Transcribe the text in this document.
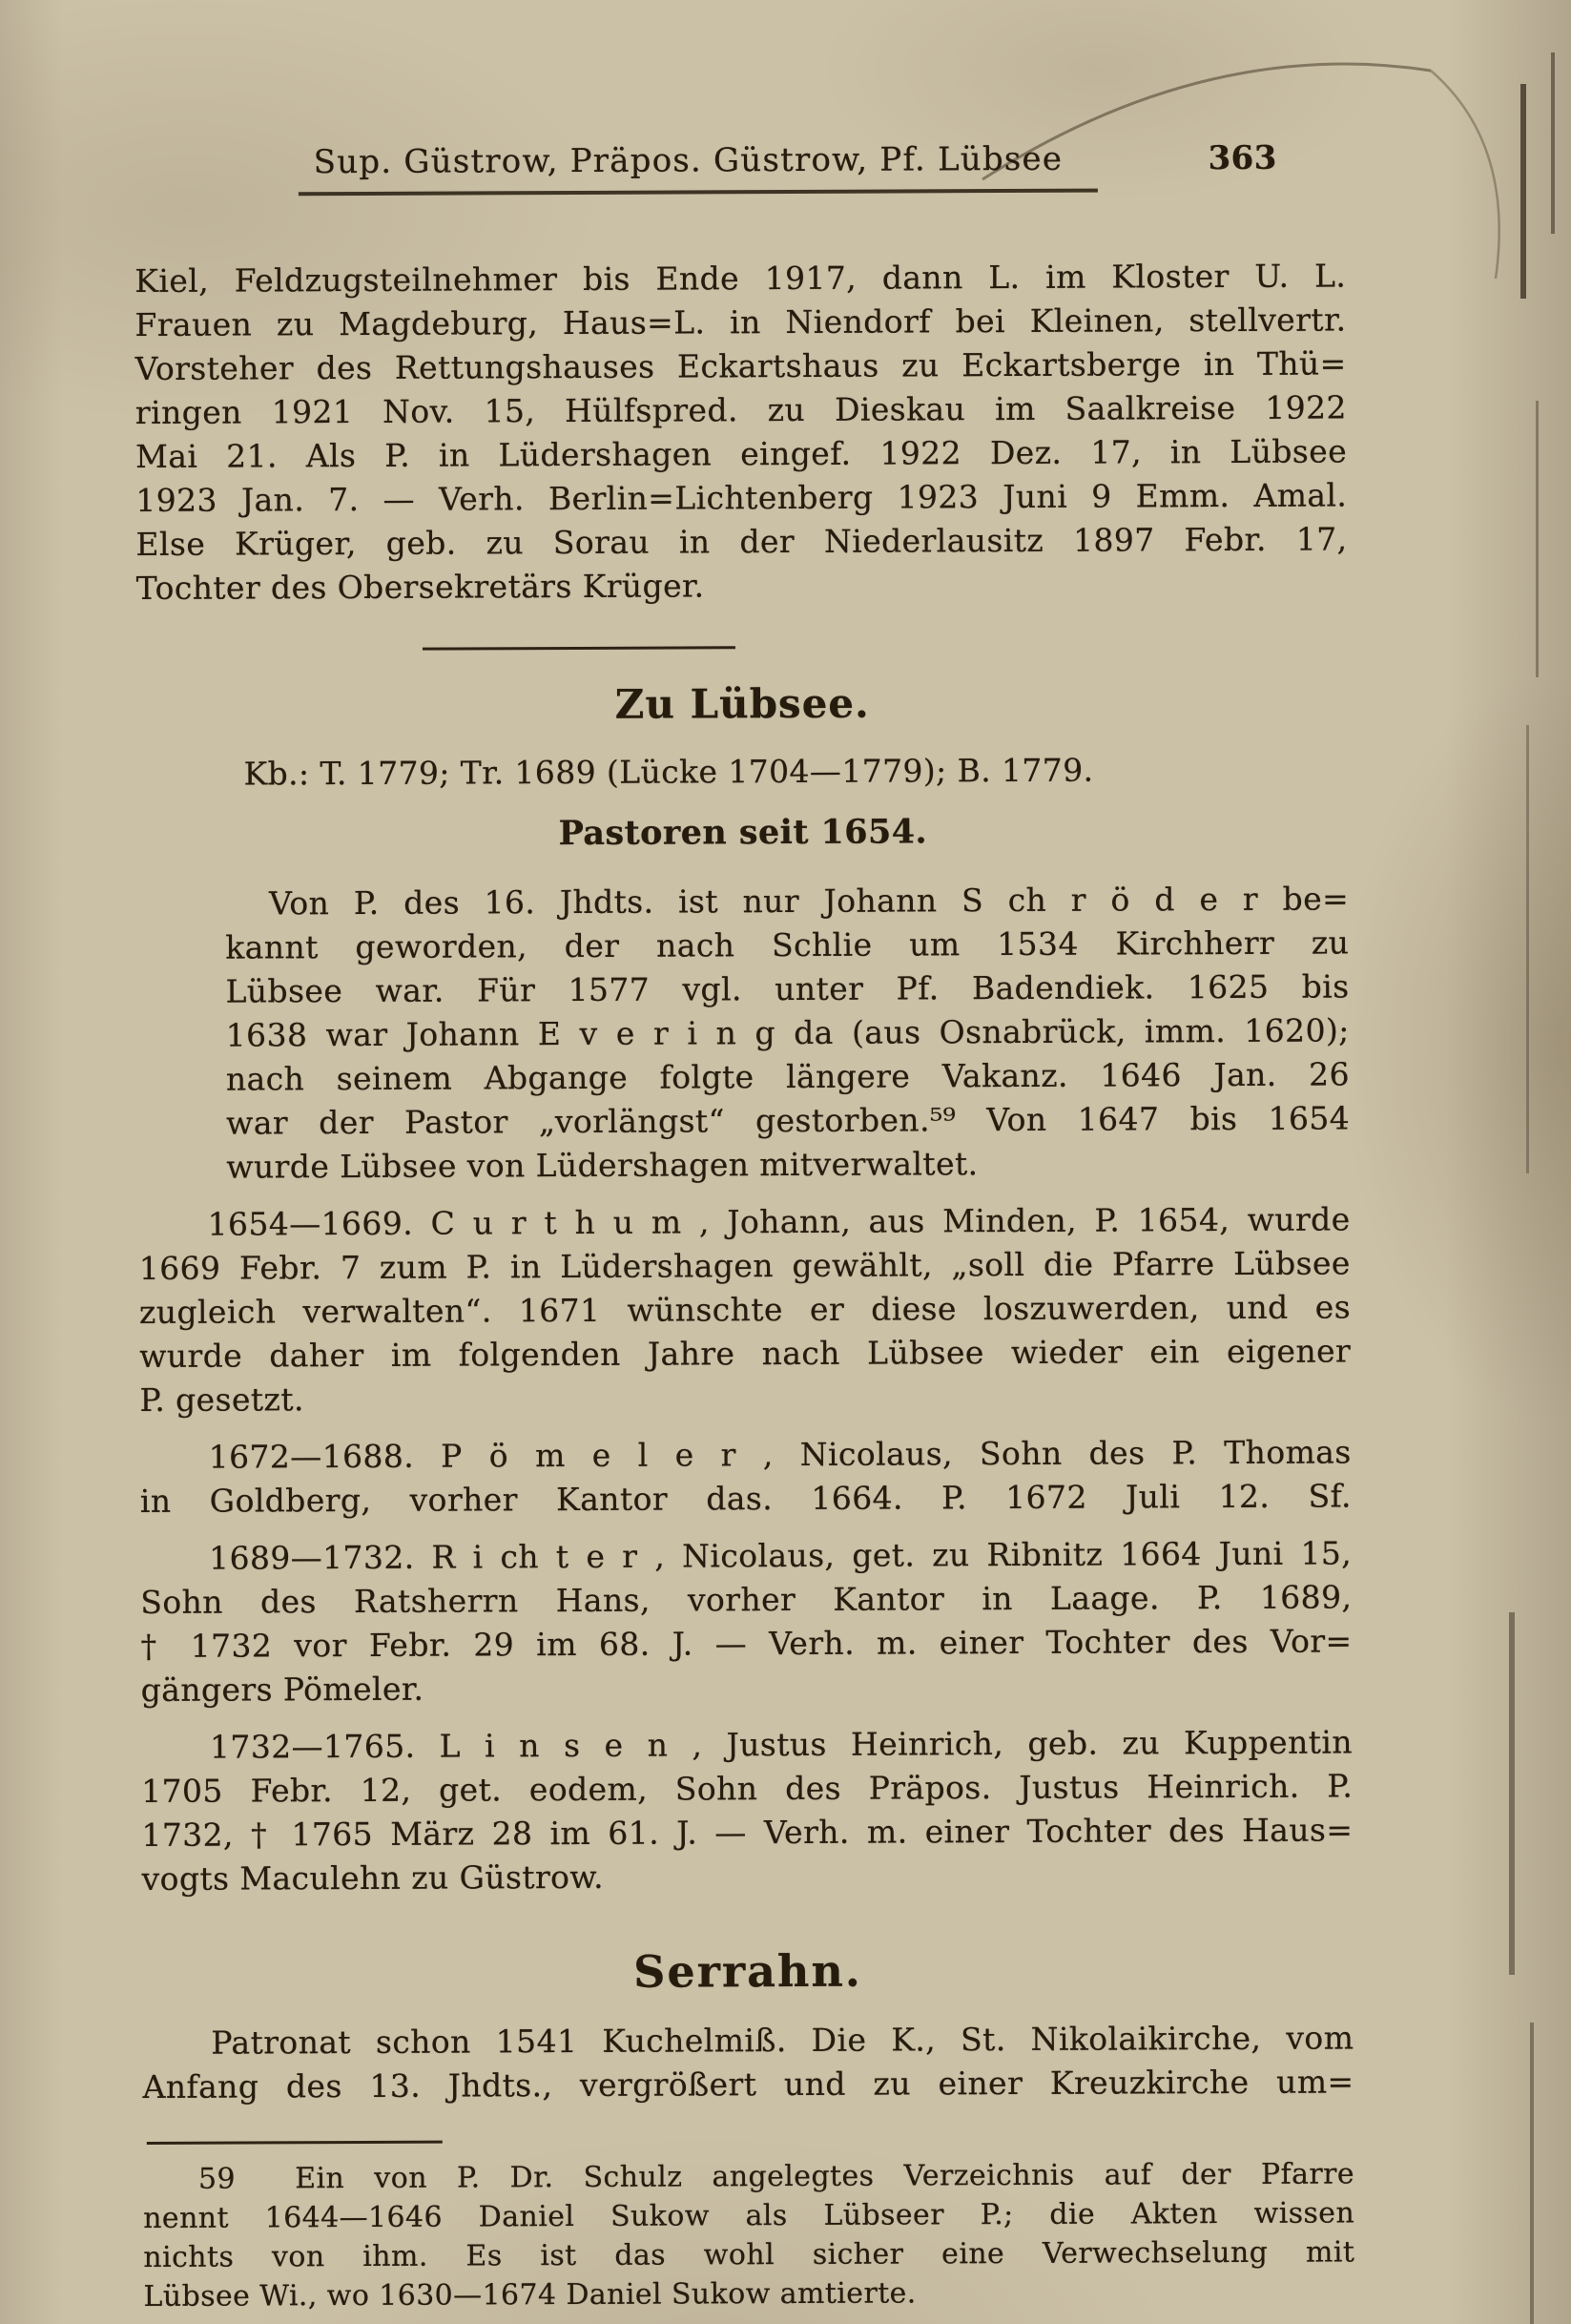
Sup. Güstrow, Präpos. Güstrow, Pf. Lübsee	363
Kiel, Feldzugsteilnehmer bis Ende 1917, dann L. im Kloster U. L.
Frauen zu Magdeburg, Haus=L. in Niendorf bei Kleinen, stellvertr.
Vorsteher des Rettungshauses Eckartshaus zu Eckartsberge in Thü=
ringen 1921 Nov. 15, Hülfspred. zu Dieskau im Saalkreise 1922
Mai 21. Als P. in Lüdershagen eingef. 1922 Dez. 17, in Lübsee
1923 Jan. 7. — Verh. Berlin=Lichtenberg 1923 Juni 9 Emm. Amal.
Else Krüger, geb. zu Sorau in der Niederlausitz 1897 Febr. 17,
Tochter des Obersekretärs Krüger.
Zu Lübsee.
Kb.: T. 1779; Tr. 1689 (Lücke 1704—1779); B. 1779.
Pastoren seit 1654.
Von P. des 16. Jhdts. ist nur Johann S ch r ö d e r be=
kannt geworden, der nach Schlie um 1534 Kirchherr zu
Lübsee war. Für 1577 vgl. unter Pf. Badendiek. 1625 bis
1638 war Johann E v e r i n g da (aus Osnabrück, imm. 1620);
nach seinem Abgange folgte längere Vakanz. 1646 Jan. 26
war der Pastor „vorlängst“ gestorben.⁵⁹ Von 1647 bis 1654
wurde Lübsee von Lüdershagen mitverwaltet.
1654—1669. C u r t h u m , Johann, aus Minden, P. 1654, wurde
1669 Febr. 7 zum P. in Lüdershagen gewählt, „soll die Pfarre Lübsee
zugleich verwalten“. 1671 wünschte er diese loszuwerden, und es
wurde daher im folgenden Jahre nach Lübsee wieder ein eigener
P. gesetzt.
1672—1688. P ö m e l e r , Nicolaus, Sohn des P. Thomas
in Goldberg, vorher Kantor das. 1664. P. 1672 Juli 12. Sf.
1689—1732. R i ch t e r , Nicolaus, get. zu Ribnitz 1664 Juni 15,
Sohn des Ratsherrn Hans, vorher Kantor in Laage. P. 1689,
† 1732 vor Febr. 29 im 68. J. — Verh. m. einer Tochter des Vor=
gängers Pömeler.
1732—1765. L i n s e n , Justus Heinrich, geb. zu Kuppentin
1705 Febr. 12, get. eodem, Sohn des Präpos. Justus Heinrich. P.
1732, † 1765 März 28 im 61. J. — Verh. m. einer Tochter des Haus=
vogts Maculehn zu Güstrow.
Serrahn.
Patronat schon 1541 Kuchelmiß. Die K., St. Nikolaikirche, vom
Anfang des 13. Jhdts., vergrößert und zu einer Kreuzkirche um=
59  Ein von P. Dr. Schulz angelegtes Verzeichnis auf der Pfarre
nennt 1644—1646 Daniel Sukow als Lübseer P.; die Akten wissen
nichts von ihm. Es ist das wohl sicher eine Verwechselung mit
Lübsee Wi., wo 1630—1674 Daniel Sukow amtierte.
